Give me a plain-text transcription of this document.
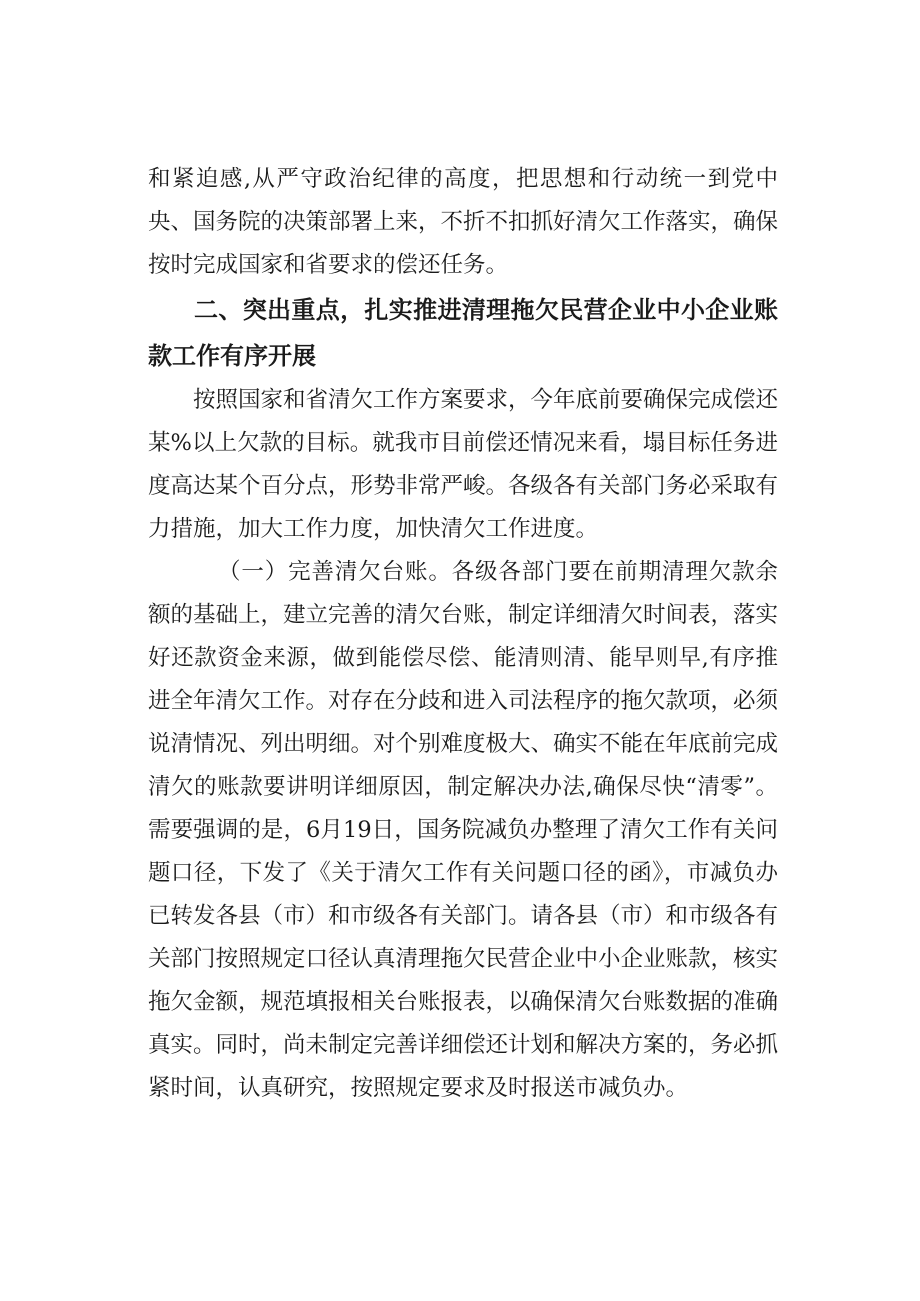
和紧迫感,从严守政治纪律的高度，把思想和行动统一到党中央、国务院的决策部署上来，不折不扣抓好清欠工作落实，确保按时完成国家和省要求的偿还任务。

二、突出重点，扎实推进清理拖欠民营企业中小企业账款工作有序开展

按照国家和省清欠工作方案要求，今年底前要确保完成偿还某%以上欠款的目标。就我市目前偿还情况来看，塌目标任务进度高达某个百分点，形势非常严峻。各级各有关部门务必采取有力措施，加大工作力度，加快清欠工作进度。

（一）完善清欠台账。各级各部门要在前期清理欠款余额的基础上，建立完善的清欠台账，制定详细清欠时间表，落实好还款资金来源，做到能偿尽偿、能清则清、能早则早,有序推进全年清欠工作。对存在分歧和进入司法程序的拖欠款项，必须说清情况、列出明细。对个别难度极大、确实不能在年底前完成清欠的账款要讲明详细原因，制定解决办法,确保尽快“清零”。需要强调的是，6月19日，国务院减负办整理了清欠工作有关问题口径，下发了《关于清欠工作有关问题口径的函》，市减负办已转发各县（市）和市级各有关部门。请各县（市）和市级各有关部门按照规定口径认真清理拖欠民营企业中小企业账款，核实拖欠金额，规范填报相关台账报表，以确保清欠台账数据的准确真实。同时，尚未制定完善详细偿还计划和解决方案的，务必抓紧时间，认真研究，按照规定要求及时报送市减负办。
